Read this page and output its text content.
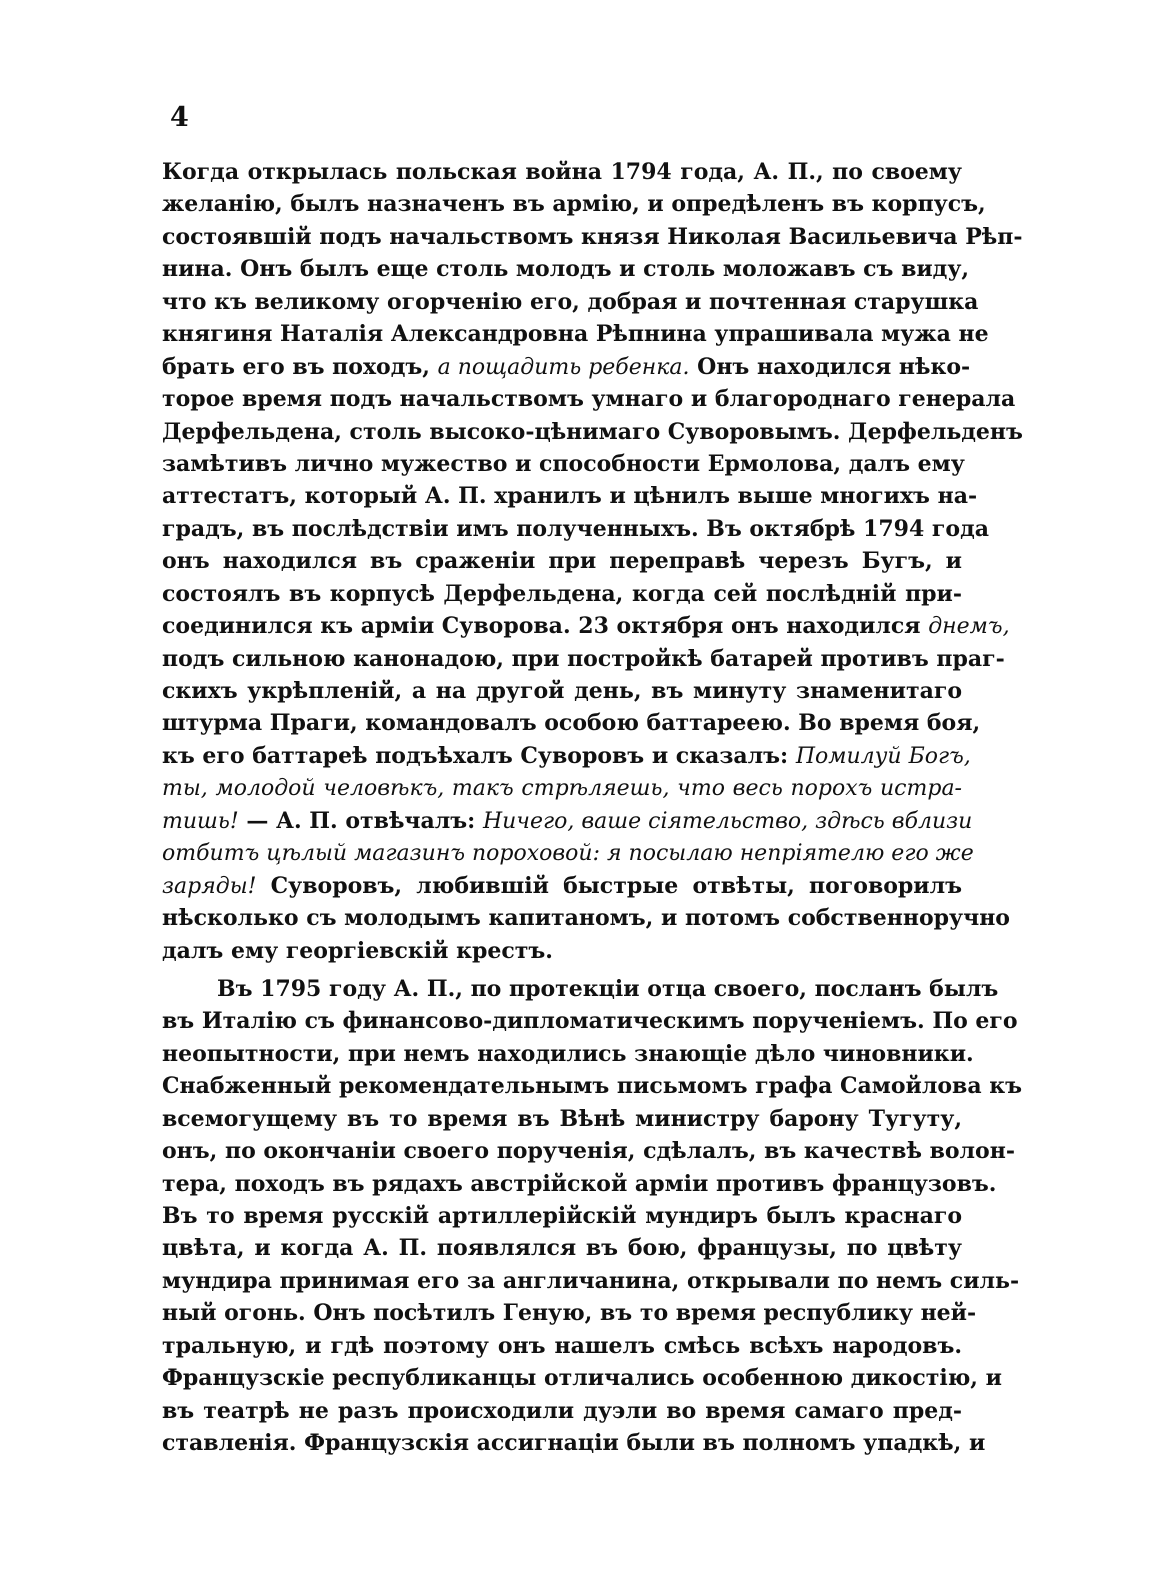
4
Когда открылась польская война 1794 года, А. П., по своему
желанію, былъ назначенъ въ армію, и опредѣленъ въ корпусъ,
состоявшій подъ начальствомъ князя Николая Васильевича Рѣп-
нина. Онъ былъ еще столь молодъ и столь моложавъ съ виду,
что къ великому огорченію его, добрая и почтенная старушка
княгиня Наталія Александровна Рѣпнина упрашивала мужа не
брать его въ походъ, а пощадить ребенка. Онъ находился нѣко-
торое время подъ начальствомъ умнаго и благороднаго генерала
Дерфельдена, столь высоко-цѣнимаго Суворовымъ. Дерфельденъ
замѣтивъ лично мужество и способности Ермолова, далъ ему
аттестатъ, который А. П. хранилъ и цѣнилъ выше многихъ на-
градъ, въ послѣдствіи имъ полученныхъ. Въ октябрѣ 1794 года
онъ находился въ сраженіи при переправѣ черезъ Бугъ, и
состоялъ въ корпусѣ Дерфельдена, когда сей послѣдній при-
соединился къ арміи Суворова. 23 октября онъ находился днемъ,
подъ сильною канонадою, при постройкѣ батарей противъ праг-
скихъ укрѣпленій, а на другой день, въ минуту знаменитаго
штурма Праги, командовалъ особою баттареею. Во время боя,
къ его баттареѣ подъѣхалъ Суворовъ и сказалъ: Помилуй Богъ,
ты, молодой человѣкъ, такъ стрѣляешь, что весь порохъ истра-
тишь! — А. П. отвѣчалъ: Ничего, ваше сіятельство, здѣсь вблизи
отбитъ цѣлый магазинъ пороховой: я посылаю непріятелю его же
заряды! Суворовъ, любившій быстрые отвѣты, поговорилъ
нѣсколько съ молодымъ капитаномъ, и потомъ собственноручно
далъ ему георгіевскій крестъ.
Въ 1795 году А. П., по протекціи отца своего, посланъ былъ
въ Италію съ финансово-дипломатическимъ порученіемъ. По его
неопытности, при немъ находились знающіе дѣло чиновники.
Снабженный рекомендательнымъ письмомъ графа Самойлова къ
всемогущему въ то время въ Вѣнѣ министру барону Тугуту,
онъ, по окончаніи своего порученія, сдѣлалъ, въ качествѣ волон-
тера, походъ въ рядахъ австрійской арміи противъ французовъ.
Въ то время русскій артиллерійскій мундиръ былъ краснаго
цвѣта, и когда А. П. появлялся въ бою, французы, по цвѣту
мундира принимая его за англичанина, открывали по немъ силь-
ный огонь. Онъ посѣтилъ Геную, въ то время республику ней-
тральную, и гдѣ поэтому онъ нашелъ смѣсь всѣхъ народовъ.
Французскіе республиканцы отличались особенною дикостію, и
въ театрѣ не разъ происходили дуэли во время самаго пред-
ставленія. Французскія ассигнаціи были въ полномъ упадкѣ, и
